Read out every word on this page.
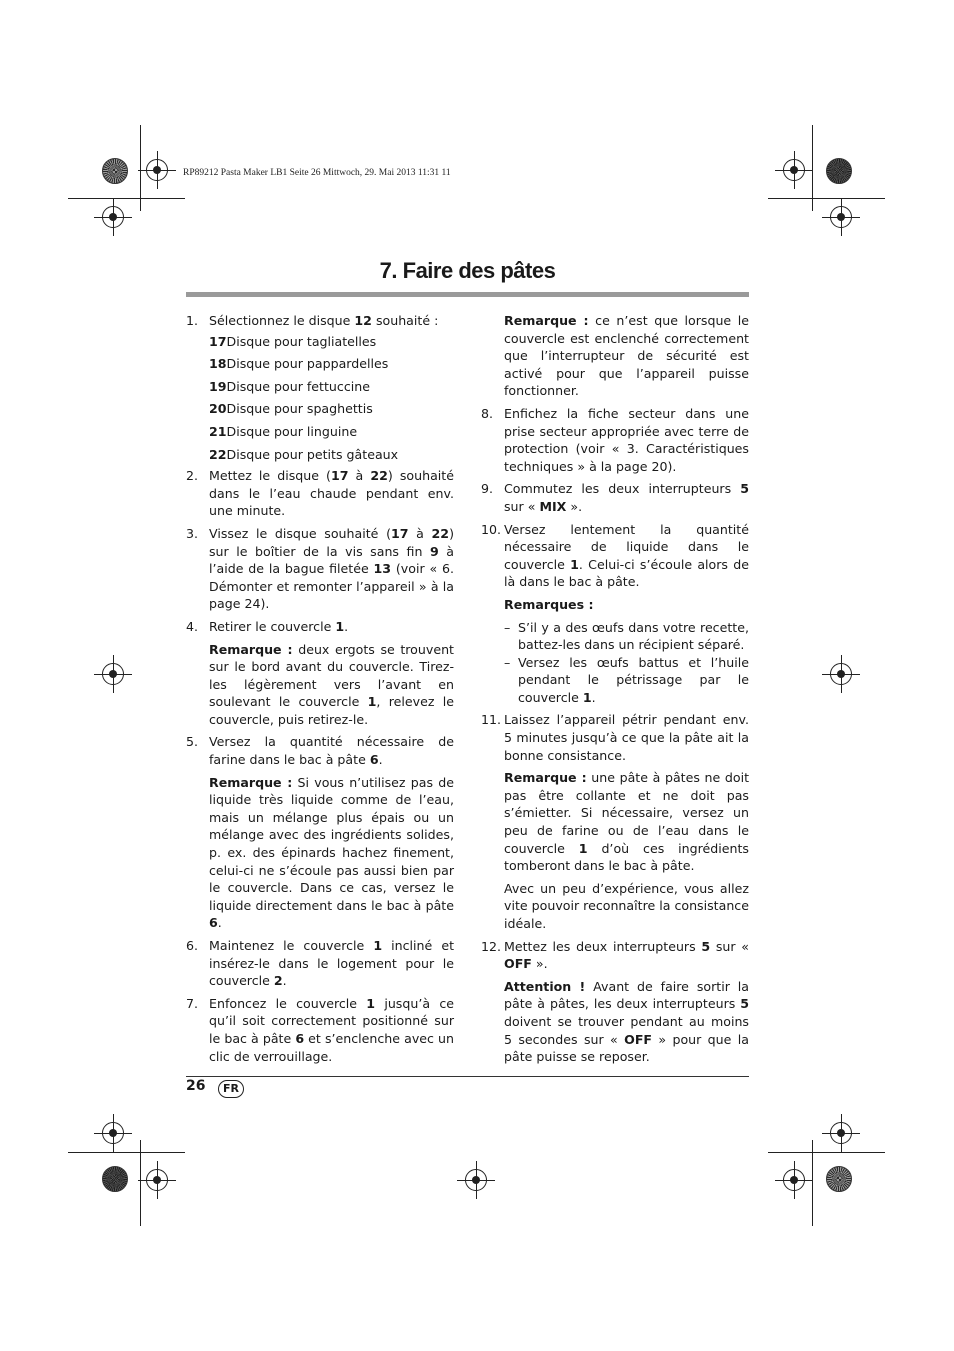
RP89212 Pasta Maker LB1 Seite 26 Mittwoch, 29. Mai 2013 11:31 11
7. Faire des pâtes
1. Sélectionnez le disque 12 souhaité :
17Disque pour tagliatelles
18Disque pour pappardelles
19Disque pour fettuccine
20Disque pour spaghettis
21Disque pour linguine
22Disque pour petits gâteaux
2. Mettez le disque (17 à 22) souhaité dans le l’eau chaude pendant env. une minute.
3. Vissez le disque souhaité (17 à 22) sur le boîtier de la vis sans fin 9 à l’aide de la bague filetée 13 (voir « 6. Démonter et remonter l’appareil » à la page 24).
4. Retirer le couvercle 1.
Remarque : deux ergots se trouvent sur le bord avant du couvercle. Tirez-les légèrement vers l’avant en soulevant le couvercle 1, relevez le couvercle, puis retirez-le.
5. Versez la quantité nécessaire de farine dans le bac à pâte 6.
Remarque : Si vous n’utilisez pas de liquide très liquide comme de l’eau, mais un mélange plus épais ou un mélange avec des ingrédients solides, p. ex. des épinards hachez finement, celui-ci ne s’écoule pas aussi bien par le couvercle. Dans ce cas, versez le liquide directement dans le bac à pâte 6.
6. Maintenez le couvercle 1 incliné et insérez-le dans le logement pour le couvercle 2.
7. Enfoncez le couvercle 1 jusqu’à ce qu’il soit correctement positionné sur le bac à pâte 6 et s’enclenche avec un clic de verrouillage.
Remarque : ce n’est que lorsque le couvercle est enclenché correctement que l’interrupteur de sécurité est activé pour que l’appareil puisse fonctionner.
8. Enfichez la fiche secteur dans une prise secteur appropriée avec terre de protection (voir « 3. Caractéristiques techniques » à la page 20).
9. Commutez les deux interrupteurs 5 sur « MIX ».
10. Versez lentement la quantité nécessaire de liquide dans le couvercle 1. Celui-ci s’écoule alors de là dans le bac à pâte.
Remarques :
– S’il y a des œufs dans votre recette, battez-les dans un récipient séparé.
– Versez les œufs battus et l’huile pendant le pétrissage par le couvercle 1.
11. Laissez l’appareil pétrir pendant env. 5 minutes jusqu’à ce que la pâte ait la bonne consistance.
Remarque : une pâte à pâtes ne doit pas être collante et ne doit pas s’émietter. Si nécessaire, versez un peu de farine ou de l’eau dans le couvercle 1 d’où ces ingrédients tomberont dans le bac à pâte.
Avec un peu d’expérience, vous allez vite pouvoir reconnaître la consistance idéale.
12. Mettez les deux interrupteurs 5 sur « OFF ».
Attention ! Avant de faire sortir la pâte à pâtes, les deux interrupteurs 5 doivent se trouver pendant au moins 5 secondes sur « OFF » pour que la pâte puisse se reposer.
26	FR
